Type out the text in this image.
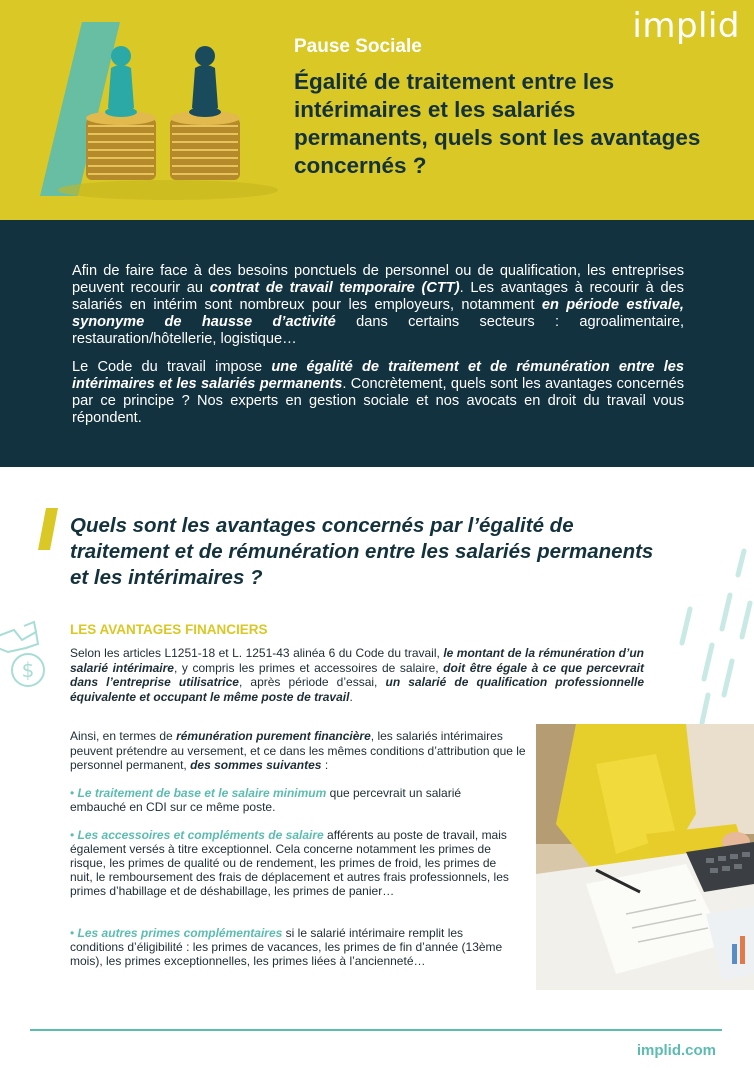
implid
Pause Sociale
Égalité de traitement entre les intérimaires et les salariés permanents, quels sont les avantages concernés ?

Afin de faire face à des besoins ponctuels de personnel ou de qualification, les entreprises peuvent recourir au contrat de travail temporaire (CTT). Les avantages à recourir à des salariés en intérim sont nombreux pour les employeurs, notamment en période estivale, synonyme de hausse d’activité dans certains secteurs : agroalimentaire, restauration/hôtellerie, logistique…

Le Code du travail impose une égalité de traitement et de rémunération entre les intérimaires et les salariés permanents. Concrètement, quels sont les avantages concernés par ce principe ? Nos experts en gestion sociale et nos avocats en droit du travail vous répondent.

Quels sont les avantages concernés par l’égalité de traitement et de rémunération entre les salariés permanents et les intérimaires ?
$
LES AVANTAGES FINANCIERS

Selon les articles L1251-18 et L. 1251-43 alinéa 6 du Code du travail, le montant de la rémunération d’un salarié intérimaire, y compris les primes et accessoires de salaire, doit être égale à ce que percevrait dans l’entreprise utilisatrice, après période d’essai, un salarié de qualification professionnelle équivalente et occupant le même poste de travail.

Ainsi, en termes de rémunération purement financière, les salariés intérimaires peuvent prétendre au versement, et ce dans les mêmes conditions d’attribution que le personnel permanent, des sommes suivantes :

• Le traitement de base et le salaire minimum que percevrait un salarié embauché en CDI sur ce même poste.
• Les accessoires et compléments de salaire afférents au poste de travail, mais également versés à titre exceptionnel. Cela concerne notamment les primes de risque, les primes de qualité ou de rendement, les primes de froid, les primes de nuit, le remboursement des frais de déplacement et autres frais professionnels, les primes d’habillage et de déshabillage, les primes de panier…
• Les autres primes complémentaires si le salarié intérimaire remplit les conditions d’éligibilité : les primes de vacances, les primes de fin d’année (13ème mois), les primes exceptionnelles, les primes liées à l’ancienneté…
implid.com
